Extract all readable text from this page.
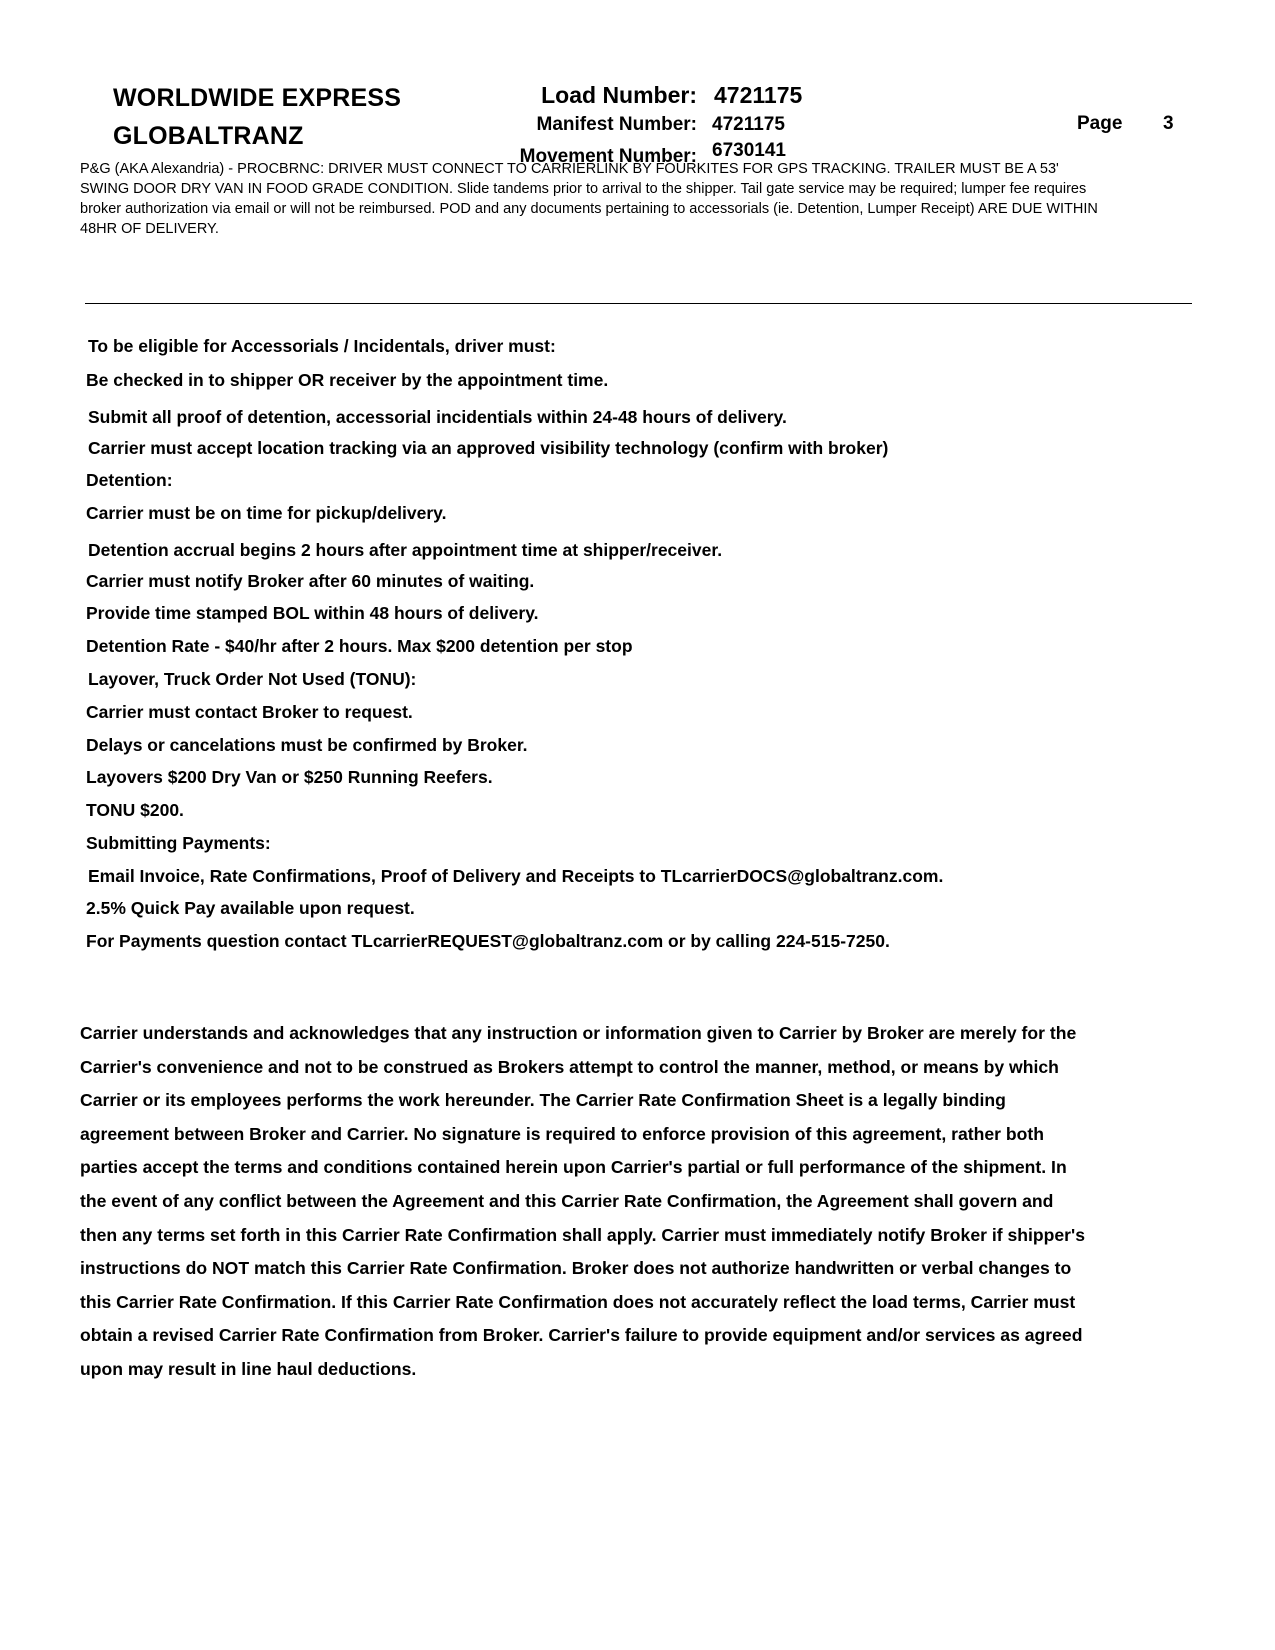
WORLDWIDE EXPRESS
GLOBALTRANZ
Load Number: 4721175
Manifest Number: 4721175
Movement Number: 6730141
Page 3
P&G (AKA Alexandria) - PROCBRNC: DRIVER MUST CONNECT TO CARRIERLINK BY FOURKITES FOR GPS TRACKING. TRAILER MUST BE A 53' SWING DOOR DRY VAN IN FOOD GRADE CONDITION. Slide tandems prior to arrival to the shipper. Tail gate service may be required; lumper fee requires broker authorization via email or will not be reimbursed. POD and any documents pertaining to accessorials (ie. Detention, Lumper Receipt) ARE DUE WITHIN 48HR OF DELIVERY.
To be eligible for Accessorials / Incidentals, driver must:
Be checked in to shipper OR receiver by the appointment time.
Submit all proof of detention, accessorial incidentials within 24-48 hours of delivery.
Carrier must accept location tracking via an approved visibility technology (confirm with broker)
Detention:
Carrier must be on time for pickup/delivery.
Detention accrual begins 2 hours after appointment time at shipper/receiver.
Carrier must notify Broker after 60 minutes of waiting.
Provide time stamped BOL within 48 hours of delivery.
Detention Rate - $40/hr after 2 hours. Max $200 detention per stop
Layover, Truck Order Not Used (TONU):
Carrier must contact Broker to request.
Delays or cancelations must be confirmed by Broker.
Layovers $200 Dry Van or $250 Running Reefers.
TONU $200.
Submitting Payments:
Email Invoice, Rate Confirmations, Proof of Delivery and Receipts to TLcarrierDOCS@globaltranz.com.
2.5% Quick Pay available upon request.
For Payments question contact TLcarrierREQUEST@globaltranz.com or by calling 224-515-7250.
Carrier understands and acknowledges that any instruction or information given to Carrier by Broker are merely for the Carrier's convenience and not to be construed as Brokers attempt to control the manner, method, or means by which Carrier or its employees performs the work hereunder. The Carrier Rate Confirmation Sheet is a legally binding agreement between Broker and Carrier. No signature is required to enforce provision of this agreement, rather both parties accept the terms and conditions contained herein upon Carrier's partial or full performance of the shipment. In the event of any conflict between the Agreement and this Carrier Rate Confirmation, the Agreement shall govern and then any terms set forth in this Carrier Rate Confirmation shall apply. Carrier must immediately notify Broker if shipper's instructions do NOT match this Carrier Rate Confirmation. Broker does not authorize handwritten or verbal changes to this Carrier Rate Confirmation. If this Carrier Rate Confirmation does not accurately reflect the load terms, Carrier must obtain a revised Carrier Rate Confirmation from Broker. Carrier's failure to provide equipment and/or services as agreed upon may result in line haul deductions.
